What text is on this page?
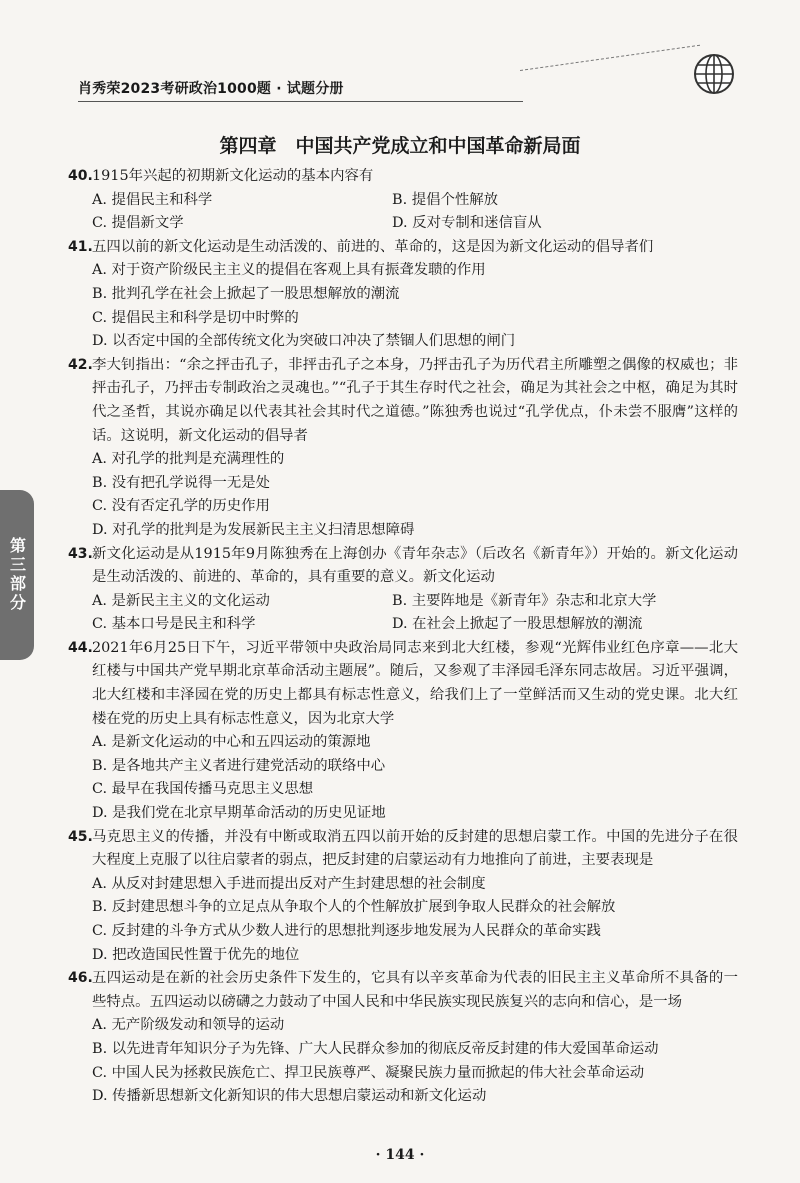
肖秀荣2023考研政治1000题 · 试题分册
第四章　中国共产党成立和中国革命新局面
第三部分
40. 1915年兴起的初期新文化运动的基本内容有
A. 提倡民主和科学	B. 提倡个性解放
C. 提倡新文学	D. 反对专制和迷信盲从
41. 五四以前的新文化运动是生动活泼的、前进的、革命的，这是因为新文化运动的倡导者们
A. 对于资产阶级民主主义的提倡在客观上具有振聋发聩的作用
B. 批判孔学在社会上掀起了一股思想解放的潮流
C. 提倡民主和科学是切中时弊的
D. 以否定中国的全部传统文化为突破口冲决了禁锢人们思想的闸门
42. 李大钊指出：“余之抨击孔子，非抨击孔子之本身，乃抨击孔子为历代君主所雕塑之偶像的权威也；非抨击孔子，乃抨击专制政治之灵魂也。”“孔子于其生存时代之社会，确足为其社会之中枢，确足为其时代之圣哲，其说亦确足以代表其社会其时代之道德。”陈独秀也说过“孔学优点，仆未尝不服膺”这样的话。这说明，新文化运动的倡导者
A. 对孔学的批判是充满理性的
B. 没有把孔学说得一无是处
C. 没有否定孔学的历史作用
D. 对孔学的批判是为发展新民主主义扫清思想障碍
43. 新文化运动是从1915年9月陈独秀在上海创办《青年杂志》（后改名《新青年》）开始的。新文化运动是生动活泼的、前进的、革命的，具有重要的意义。新文化运动
A. 是新民主主义的文化运动	B. 主要阵地是《新青年》杂志和北京大学
C. 基本口号是民主和科学	D. 在社会上掀起了一股思想解放的潮流
44. 2021年6月25日下午，习近平带领中央政治局同志来到北大红楼，参观“光辉伟业红色序章——北大红楼与中国共产党早期北京革命活动主题展”。随后，又参观了丰泽园毛泽东同志故居。习近平强调，北大红楼和丰泽园在党的历史上都具有标志性意义，给我们上了一堂鲜活而又生动的党史课。北大红楼在党的历史上具有标志性意义，因为北京大学
A. 是新文化运动的中心和五四运动的策源地
B. 是各地共产主义者进行建党活动的联络中心
C. 最早在我国传播马克思主义思想
D. 是我们党在北京早期革命活动的历史见证地
45. 马克思主义的传播，并没有中断或取消五四以前开始的反封建的思想启蒙工作。中国的先进分子在很大程度上克服了以往启蒙者的弱点，把反封建的启蒙运动有力地推向了前进，主要表现是
A. 从反对封建思想入手进而提出反对产生封建思想的社会制度
B. 反封建思想斗争的立足点从争取个人的个性解放扩展到争取人民群众的社会解放
C. 反封建的斗争方式从少数人进行的思想批判逐步地发展为人民群众的革命实践
D. 把改造国民性置于优先的地位
46. 五四运动是在新的社会历史条件下发生的，它具有以辛亥革命为代表的旧民主主义革命所不具备的一些特点。五四运动以磅礴之力鼓动了中国人民和中华民族实现民族复兴的志向和信心，是一场
A. 无产阶级发动和领导的运动
B. 以先进青年知识分子为先锋、广大人民群众参加的彻底反帝反封建的伟大爱国革命运动
C. 中国人民为拯救民族危亡、捍卫民族尊严、凝聚民族力量而掀起的伟大社会革命运动
D. 传播新思想新文化新知识的伟大思想启蒙运动和新文化运动
· 144 ·
